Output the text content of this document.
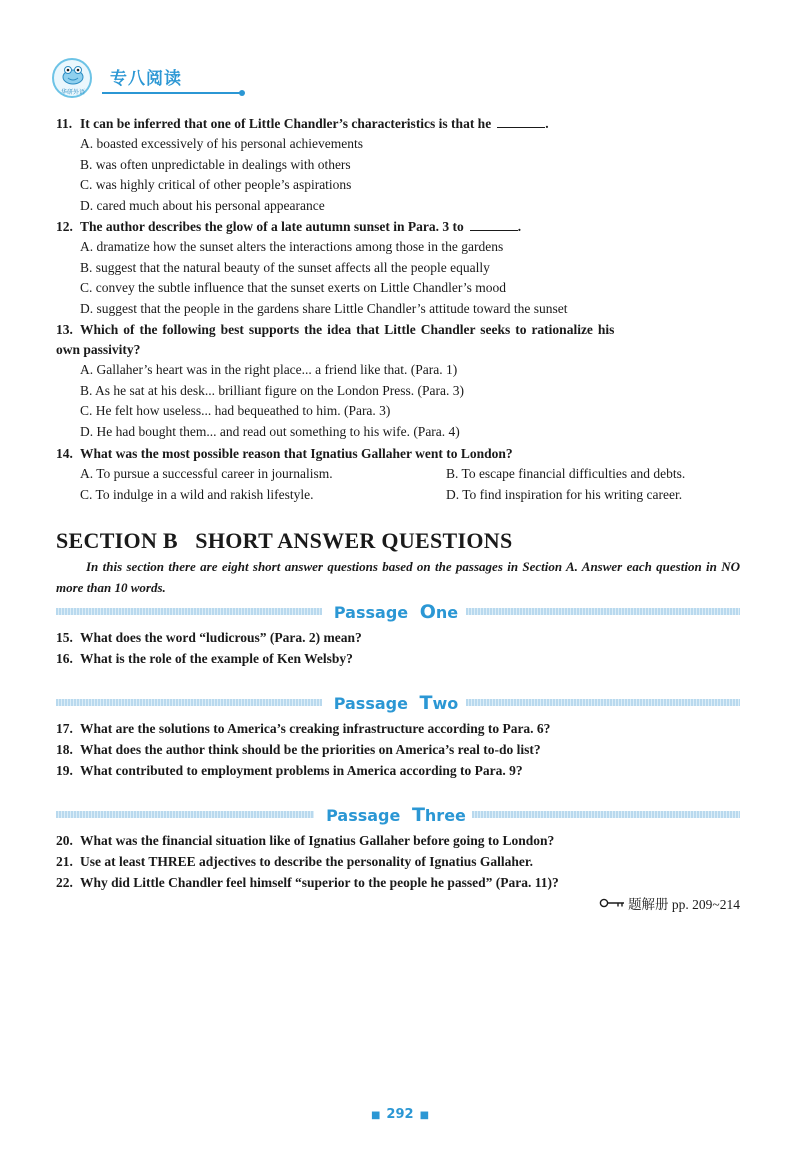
华研外语
专八阅读
11. It can be inferred that one of Little Chandler’s characteristics is that he	.
A. boasted excessively of his personal achievements
B. was often unpredictable in dealings with others
C. was highly critical of other people’s aspirations
D. cared much about his personal appearance
12. The author describes the glow of a late autumn sunset in Para. 3 to	.
A. dramatize how the sunset alters the interactions among those in the gardens
B. suggest that the natural beauty of the sunset affects all the people equally
C. convey the subtle influence that the sunset exerts on Little Chandler’s mood
D. suggest that the people in the gardens share Little Chandler’s attitude toward the sunset
13. Which of the following best supports the idea that Little Chandler seeks to rationalize his
own passivity?
A. Gallaher’s heart was in the right place... a friend like that. (Para. 1)
B. As he sat at his desk... brilliant figure on the London Press. (Para. 3)
C. He felt how useless... had bequeathed to him. (Para. 3)
D. He had bought them... and read out something to his wife. (Para. 4)
14. What was the most possible reason that Ignatius Gallaher went to London?
A. To pursue a successful career in journalism.	B. To escape financial difficulties and debts.
C. To indulge in a wild and rakish lifestyle.	D. To find inspiration for his writing career.
SECTION B   SHORT ANSWER QUESTIONS
In this section there are eight short answer questions based on the passages in Section A. Answer each question in NO more than 10 words.
Passage One
15. What does the word “ludicrous” (Para. 2) mean?
16. What is the role of the example of Ken Welsby?
Passage Two
17. What are the solutions to America’s creaking infrastructure according to Para. 6?
18. What does the author think should be the priorities on America’s real to-do list?
19. What contributed to employment problems in America according to Para. 9?
Passage Three
20. What was the financial situation like of Ignatius Gallaher before going to London?
21. Use at least THREE adjectives to describe the personality of Ignatius Gallaher.
22. Why did Little Chandler feel himself “superior to the people he passed” (Para. 11)?
题解册 pp. 209~214
■ 292 ■
